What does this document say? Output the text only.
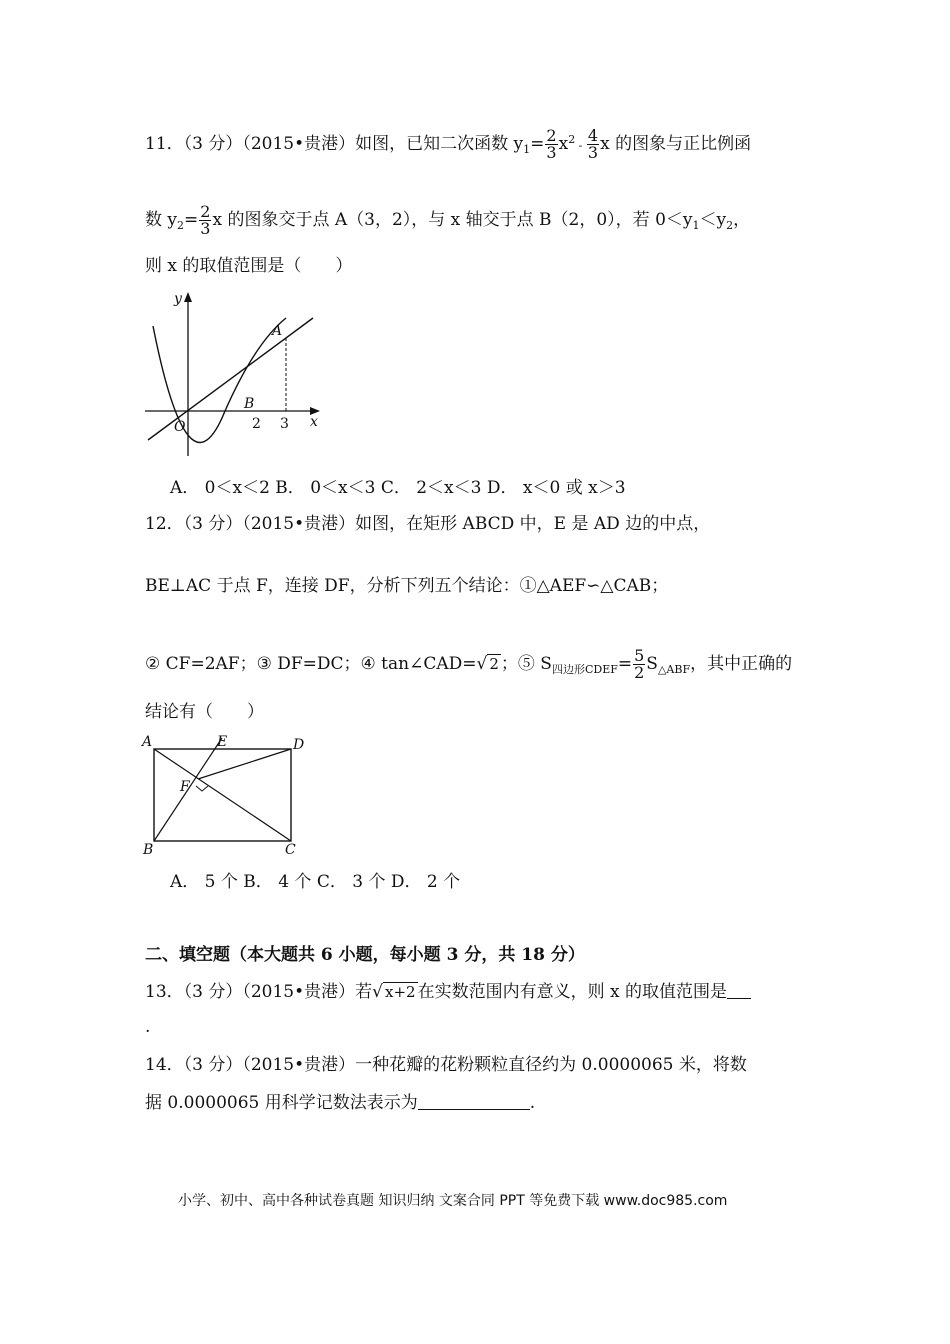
11．（3 分）（2015•贵港）如图，已知二次函数 $y_1= \frac{2}{3} x^2 - \frac{4}{3}$ x 的图象与正比例函
数 $y_2= \frac{2}{3}$ x 的图象交于点 A（3，2），与 x 轴交于点 B（2，0），若 $0<y_1<y_2$，
则 x 的取值范围是（　　）
y
x
O
A
B
2 3
A． 0＜x＜2 B． 0＜x＜3 C． 2＜x＜3 D． x＜0 或 x＞3
12．（3 分）（2015•贵港）如图，在矩形 ABCD 中，E 是 AD 边的中点，
BE⊥AC 于点 F，连接 DF，分析下列五个结论：①△AEF∽△CAB；
② CF=2AF；③ DF=DC；④ tan∠CAD=√ 2 ；⑤ $S_{四边形CDEF}= \frac{5}{2} S_{\triangle ABF}$，其中正确的
结论有（　　）
A	E	D
F
B	C
A． 5 个 B． 4 个 C． 3 个 D． 2 个
二、填空题（本大题共 6 小题，每小题 3 分，共 18 分）
13．（3 分）（2015•贵港）若√ x+2 在实数范围内有意义，则 x 的取值范围是
.
14．（3 分）（2015•贵港）一种花瓣的花粉颗粒直径约为 0.0000065 米，将数
据 0.0000065 用科学记数法表示为	.
小学、初中、高中各种试卷真题 知识归纳 文案合同 PPT 等免费下载 www.doc985.com
